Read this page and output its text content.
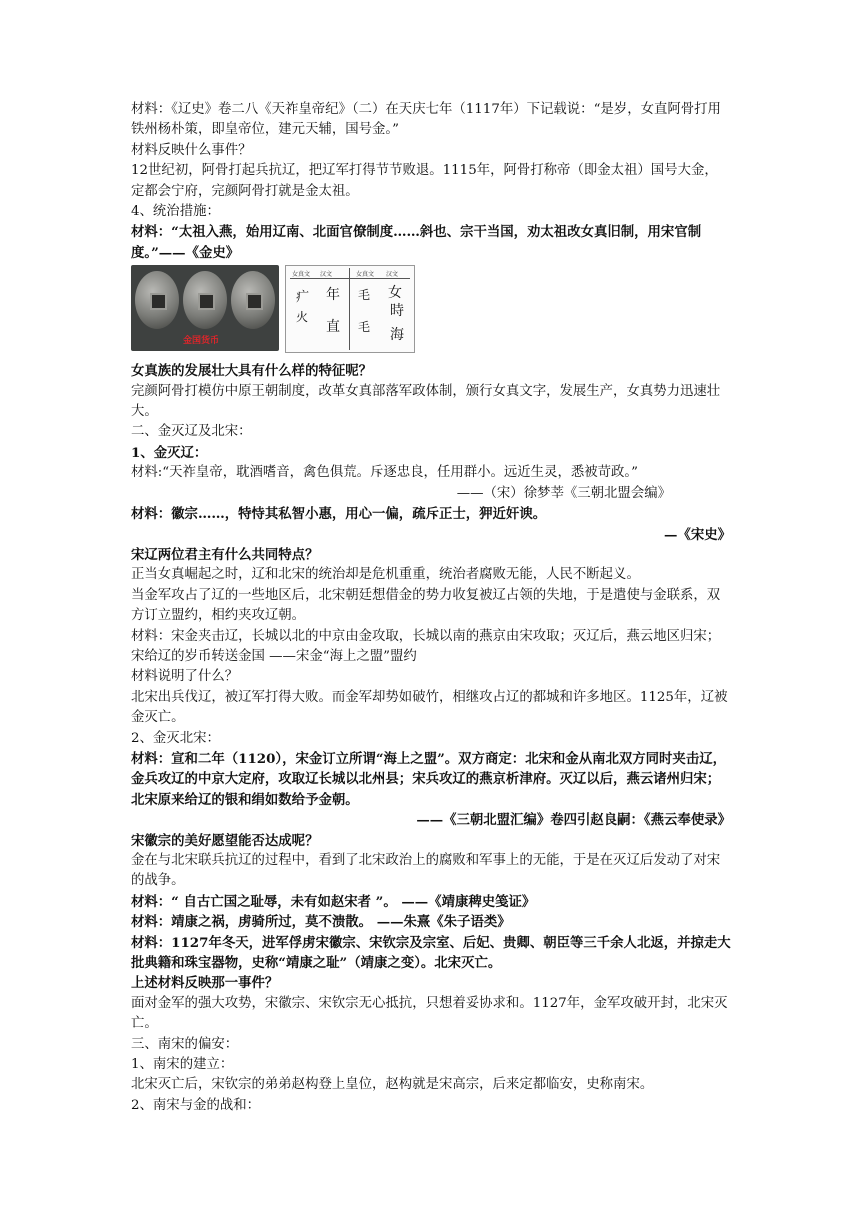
材料：《辽史》卷二八《天祚皇帝纪》（二）在天庆七年（1117年）下记载说：“是岁，女直阿骨打用铁州杨朴策，即皇帝位，建元天辅，国号金。”

材料反映什么事件？

12世纪初，阿骨打起兵抗辽，把辽军打得节节败退。1115年，阿骨打称帝（即金太祖）国号大金，定都会宁府，完颜阿骨打就是金太祖。

4、统治措施：

材料：“太祖入燕，始用辽南、北面官僚制度……斜也、宗干当国，劝太祖改女真旧制，用宋官制度。”——《金史》

金国货币
女真文 汉文	女真文 汉文
⽧ 年
⽕
直
⽑ 女
時
⽑ 海

女真族的发展壮大具有什么样的特征呢？

完颜阿骨打模仿中原王朝制度，改革女真部落军政体制，颁行女真文字，发展生产，女真势力迅速壮大。

二、金灭辽及北宋：

1、金灭辽：

材料:“天祚皇帝，耽酒嗜音，禽色俱荒。斥逐忠良，任用群小。远近生灵，悉被苛政。”

——（宋）徐梦莘《三朝北盟会编》

材料：徽宗……，特恃其私智小惠，用心一偏，疏斥正士，狎近奸谀。

—《宋史》

宋辽两位君主有什么共同特点？

正当女真崛起之时，辽和北宋的统治却是危机重重，统治者腐败无能，人民不断起义。

当金军攻占了辽的一些地区后，北宋朝廷想借金的势力收复被辽占领的失地，于是遣使与金联系，双方订立盟约，相约夹攻辽朝。

材料：宋金夹击辽，长城以北的中京由金攻取，长城以南的燕京由宋攻取；灭辽后，燕云地区归宋；宋给辽的岁币转送金国 ——宋金“海上之盟”盟约

材料说明了什么？

北宋出兵伐辽，被辽军打得大败。而金军却势如破竹，相继攻占辽的都城和许多地区。1125年，辽被金灭亡。

2、金灭北宋：

材料：宣和二年（1120），宋金订立所谓“海上之盟”。双方商定：北宋和金从南北双方同时夹击辽，金兵攻辽的中京大定府，攻取辽长城以北州县；宋兵攻辽的燕京析津府。灭辽以后，燕云诸州归宋；北宋原来给辽的银和绢如数给予金朝。

——《三朝北盟汇编》卷四引赵良嗣：《燕云奉使录》

宋徽宗的美好愿望能否达成呢？

金在与北宋联兵抗辽的过程中，看到了北宋政治上的腐败和军事上的无能，于是在灭辽后发动了对宋的战争。

材料：“ 自古亡国之耻辱，未有如赵宋者 ”。 ——《靖康稗史笺证》

材料：靖康之祸，虏骑所过，莫不溃散。 ——朱熹《朱子语类》

材料：1127年冬天，进军俘虏宋徽宗、宋钦宗及宗室、后妃、贵卿、朝臣等三千余人北返，并掠走大批典籍和珠宝器物，史称“靖康之耻”（靖康之变）。北宋灭亡。

上述材料反映那一事件？

面对金军的强大攻势，宋徽宗、宋钦宗无心抵抗，只想着妥协求和。1127年，金军攻破开封，北宋灭亡。

三、南宋的偏安：

1、南宋的建立：

北宋灭亡后，宋钦宗的弟弟赵构登上皇位，赵构就是宋高宗，后来定都临安，史称南宋。

2、南宋与金的战和：
